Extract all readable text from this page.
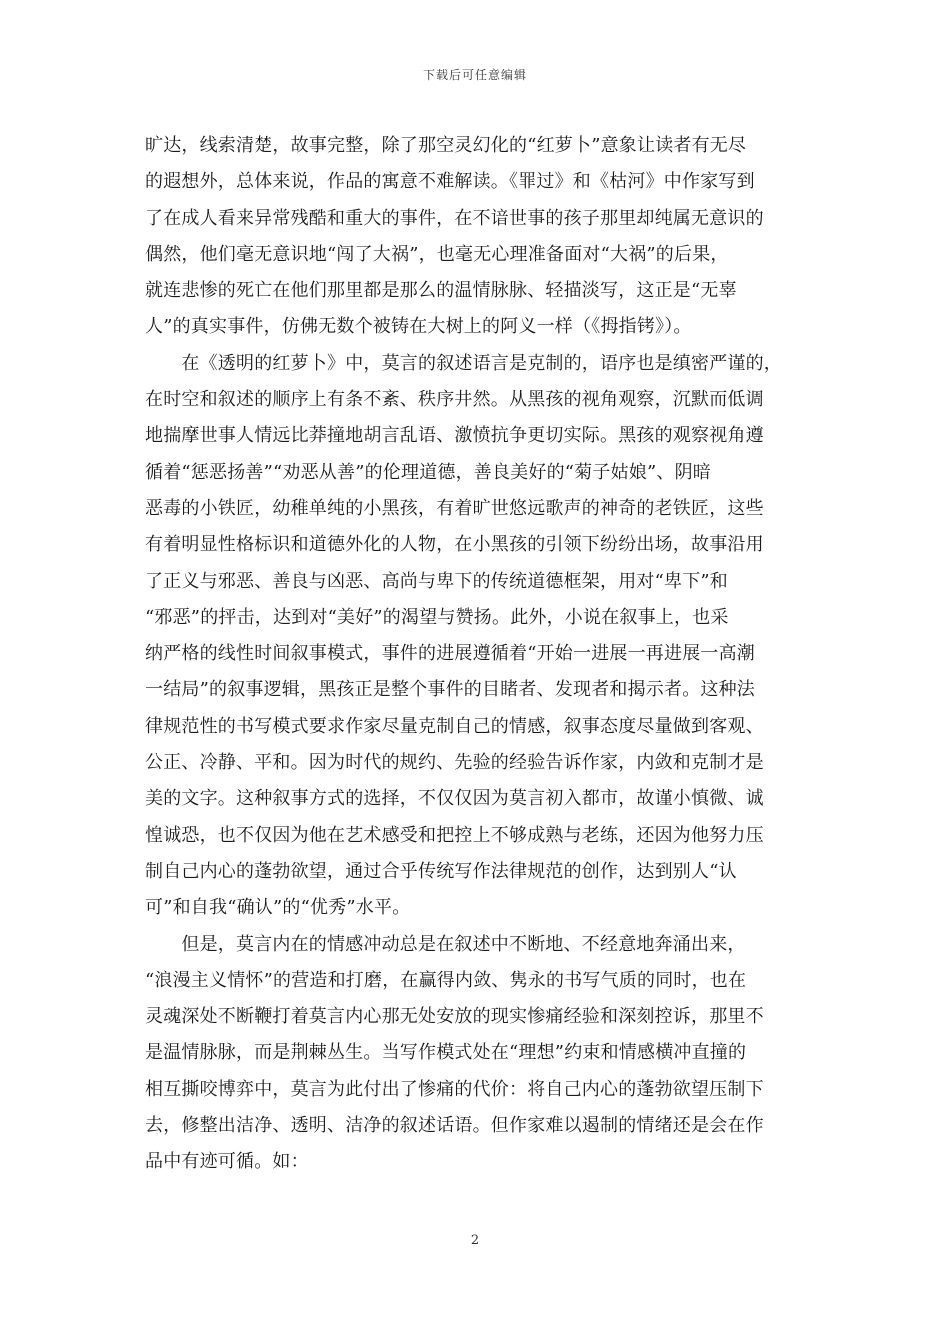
下载后可任意编辑
旷达，线索清楚，故事完整，除了那空灵幻化的“红萝卜”意象让读者有无尽
的遐想外，总体来说，作品的寓意不难解读。《罪过》和《枯河》中作家写到
了在成人看来异常残酷和重大的事件，在不谙世事的孩子那里却纯属无意识的
偶然，他们毫无意识地“闯了大祸”，也毫无心理准备面对“大祸”的后果，
就连悲惨的死亡在他们那里都是那么的温情脉脉、轻描淡写，这正是“无辜
人”的真实事件，仿佛无数个被铸在大树上的阿义一样（《拇指铐》）。
　　在《透明的红萝卜》中，莫言的叙述语言是克制的，语序也是缜密严谨的，
在时空和叙述的顺序上有条不紊、秩序井然。从黑孩的视角观察，沉默而低调
地揣摩世事人情远比莽撞地胡言乱语、激愤抗争更切实际。黑孩的观察视角遵
循着“惩恶扬善”“劝恶从善”的伦理道德，善良美好的“菊子姑娘”、阴暗
恶毒的小铁匠，幼稚单纯的小黑孩，有着旷世悠远歌声的神奇的老铁匠，这些
有着明显性格标识和道德外化的人物，在小黑孩的引领下纷纷出场，故事沿用
了正义与邪恶、善良与凶恶、高尚与卑下的传统道德框架，用对“卑下”和
“邪恶”的抨击，达到对“美好”的渴望与赞扬。此外，小说在叙事上，也采
纳严格的线性时间叙事模式，事件的进展遵循着“开始一进展一再进展一高潮
一结局”的叙事逻辑，黑孩正是整个事件的目睹者、发现者和揭示者。这种法
律规范性的书写模式要求作家尽量克制自己的情感，叙事态度尽量做到客观、
公正、冷静、平和。因为时代的规约、先验的经验告诉作家，内敛和克制才是
美的文字。这种叙事方式的选择，不仅仅因为莫言初入都市，故谨小慎微、诚
惶诚恐，也不仅因为他在艺术感受和把控上不够成熟与老练，还因为他努力压
制自己内心的蓬勃欲望，通过合乎传统写作法律规范的创作，达到别人“认
可”和自我“确认”的“优秀”水平。
　　但是，莫言内在的情感冲动总是在叙述中不断地、不经意地奔涌出来，
“浪漫主义情怀”的营造和打磨，在赢得内敛、隽永的书写气质的同时，也在
灵魂深处不断鞭打着莫言内心那无处安放的现实惨痛经验和深刻控诉，那里不
是温情脉脉，而是荆棘丛生。当写作模式处在“理想”约束和情感横冲直撞的
相互撕咬博弈中，莫言为此付出了惨痛的代价：将自己内心的蓬勃欲望压制下
去，修整出洁净、透明、洁净的叙述话语。但作家难以遏制的情绪还是会在作
品中有迹可循。如：
2
